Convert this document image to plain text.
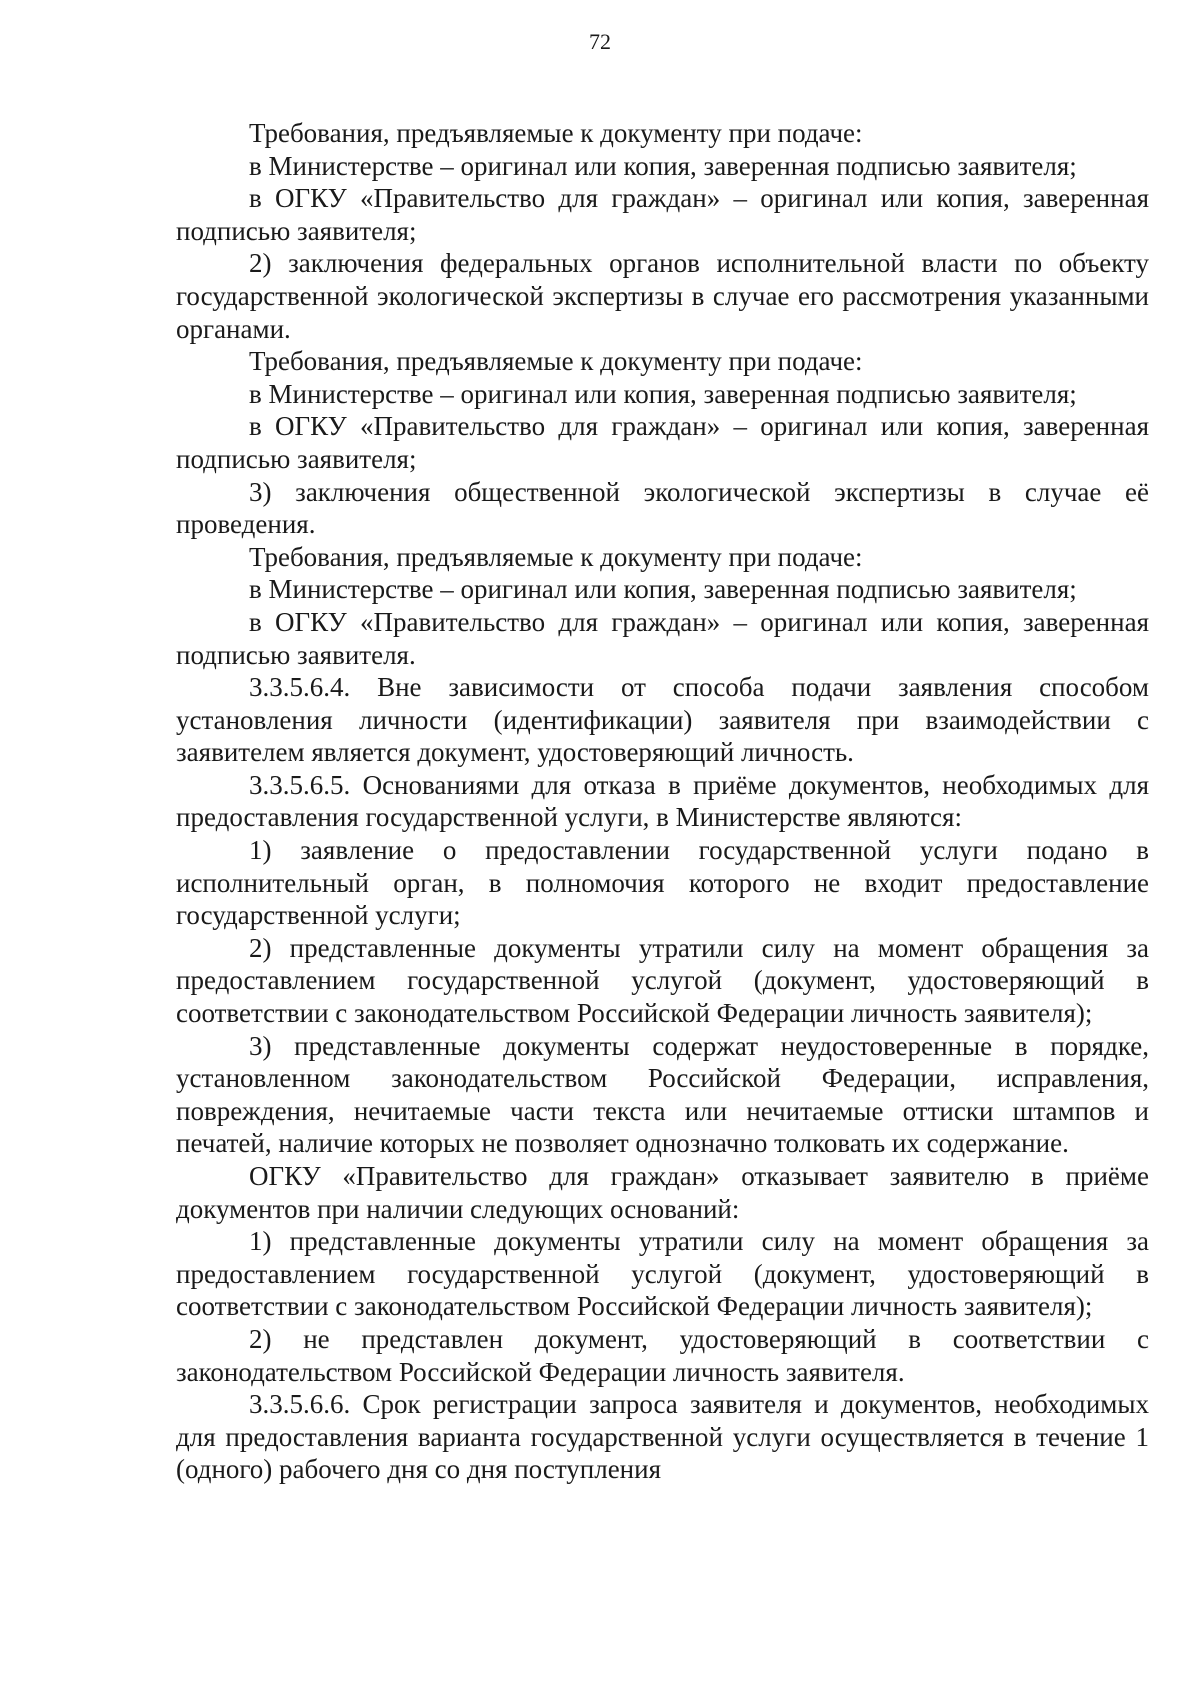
72

Требования, предъявляемые к документу при подаче:

в Министерстве – оригинал или копия, заверенная подписью заявителя;

в ОГКУ «Правительство для граждан» – оригинал или копия, заверенная подписью заявителя;

2) заключения федеральных органов исполнительной власти по объекту государственной экологической экспертизы в случае его рассмотрения указанными органами.

Требования, предъявляемые к документу при подаче:

в Министерстве – оригинал или копия, заверенная подписью заявителя;

в ОГКУ «Правительство для граждан» – оригинал или копия, заверенная подписью заявителя;

3) заключения общественной экологической экспертизы в случае её проведения.

Требования, предъявляемые к документу при подаче:

в Министерстве – оригинал или копия, заверенная подписью заявителя;

в ОГКУ «Правительство для граждан» – оригинал или копия, заверенная подписью заявителя.

3.3.5.6.4. Вне зависимости от способа подачи заявления способом установления личности (идентификации) заявителя при взаимодействии с заявителем является документ, удостоверяющий личность.

3.3.5.6.5. Основаниями для отказа в приёме документов, необходимых для предоставления государственной услуги, в Министерстве являются:

1) заявление о предоставлении государственной услуги подано в исполнительный орган, в полномочия которого не входит предоставление государственной услуги;

2) представленные документы утратили силу на момент обращения за предоставлением государственной услугой (документ, удостоверяющий в соответствии с законодательством Российской Федерации личность заявителя);

3) представленные документы содержат неудостоверенные в порядке, установленном законодательством Российской Федерации, исправления, повреждения, нечитаемые части текста или нечитаемые оттиски штампов и печатей, наличие которых не позволяет однозначно толковать их содержание.

ОГКУ «Правительство для граждан» отказывает заявителю в приёме документов при наличии следующих оснований:

1) представленные документы утратили силу на момент обращения за предоставлением государственной услугой (документ, удостоверяющий в соответствии с законодательством Российской Федерации личность заявителя);

2) не представлен документ, удостоверяющий в соответствии с законодательством Российской Федерации личность заявителя.

3.3.5.6.6. Срок регистрации запроса заявителя и документов, необходимых для предоставления варианта государственной услуги осуществляется в течение 1 (одного) рабочего дня со дня поступления
